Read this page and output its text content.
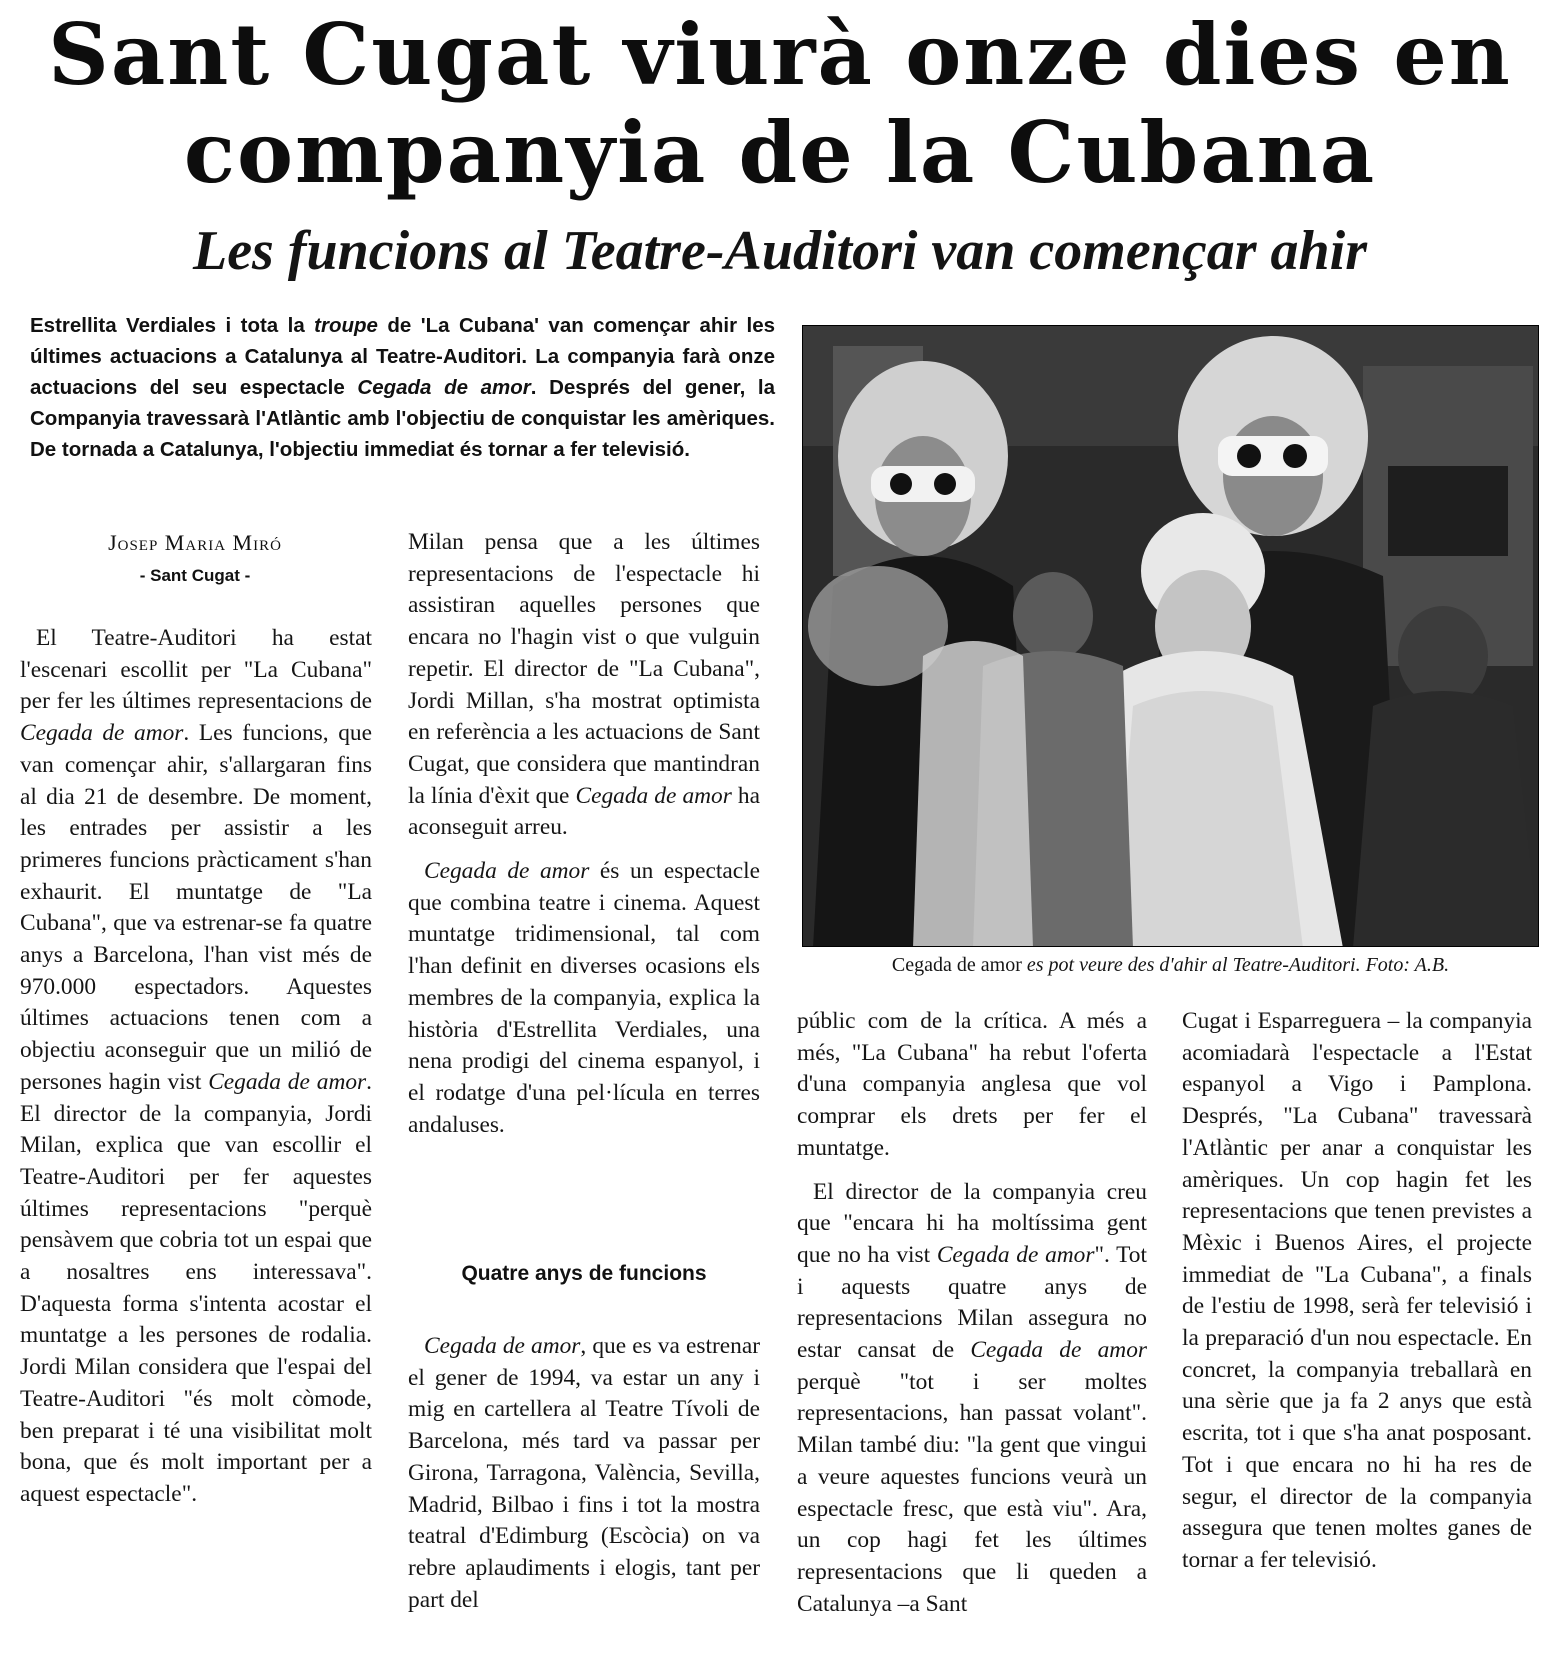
Sant Cugat viurà onze dies en
companyia de la Cubana
Les funcions al Teatre-Auditori van començar ahir

Estrellita Verdiales i tota la troupe de 'La Cubana' van començar ahir les últimes actuacions a Catalunya al Teatre-Auditori. La companyia farà onze actuacions del seu espectacle Cegada de amor. Després del gener, la Companyia travessarà l'Atlàntic amb l'objectiu de conquistar les amèriques. De tornada a Catalunya, l'objectiu immediat és tornar a fer televisió.

Josep Maria Miró
- Sant Cugat -

El Teatre-Auditori ha estat l'escenari escollit per "La Cubana" per fer les últimes representacions de Cegada de amor. Les funcions, que van començar ahir, s'allargaran fins al dia 21 de desembre. De moment, les entrades per assistir a les primeres funcions pràcticament s'han exhaurit. El muntatge de "La Cubana", que va estrenar-se fa quatre anys a Barcelona, l'han vist més de 970.000 espectadors. Aquestes últimes actuacions tenen com a objectiu aconseguir que un milió de persones hagin vist Cegada de amor. El director de la companyia, Jordi Milan, explica que van escollir el Teatre-Auditori per fer aquestes últimes representacions "perquè pensàvem que cobria tot un espai que a nosaltres ens interessava". D'aquesta forma s'intenta acostar el muntatge a les persones de rodalia. Jordi Milan considera que l'espai del Teatre-Auditori "és molt còmode, ben preparat i té una visibilitat molt bona, que és molt important per a aquest espectacle".

Milan pensa que a les últimes representacions de l'espectacle hi assistiran aquelles persones que encara no l'hagin vist o que vulguin repetir. El director de "La Cubana", Jordi Millan, s'ha mostrat optimista en referència a les actuacions de Sant Cugat, que considera que mantindran la línia d'èxit que Cegada de amor ha aconseguit arreu.

Cegada de amor és un espectacle que combina teatre i cinema. Aquest muntatge tridimensional, tal com l'han definit en diverses ocasions els membres de la companyia, explica la història d'Estrellita Verdiales, una nena prodigi del cinema espanyol, i el rodatge d'una pel·lícula en terres andaluses.

Quatre anys de funcions

Cegada de amor, que es va estrenar el gener de 1994, va estar un any i mig en cartellera al Teatre Tívoli de Barcelona, més tard va passar per Girona, Tarragona, València, Sevilla, Madrid, Bilbao i fins i tot la mostra teatral d'Edimburg (Escòcia) on va rebre aplaudiments i elogis, tant per part del

públic com de la crítica. A més a més, "La Cubana" ha rebut l'oferta d'una companyia anglesa que vol comprar els drets per fer el muntatge.

El director de la companyia creu que "encara hi ha moltíssima gent que no ha vist Cegada de amor". Tot i aquests quatre anys de representacions Milan assegura no estar cansat de Cegada de amor perquè "tot i ser moltes representacions, han passat volant". Milan també diu: "la gent que vingui a veure aquestes funcions veurà un espectacle fresc, que està viu". Ara, un cop hagi fet les últimes representacions que li queden a Catalunya –a Sant

Cugat i Esparreguera – la companyia acomiadarà l'espectacle a l'Estat espanyol a Vigo i Pamplona. Després, "La Cubana" travessarà l'Atlàntic per anar a conquistar les amèriques. Un cop hagin fet les representacions que tenen previstes a Mèxic i Buenos Aires, el projecte immediat de "La Cubana", a finals de l'estiu de 1998, serà fer televisió i la preparació d'un nou espectacle. En concret, la companyia treballarà en una sèrie que ja fa 2 anys que està escrita, tot i que s'ha anat posposant. Tot i que encara no hi ha res de segur, el director de la companyia assegura que tenen moltes ganes de tornar a fer televisió.

Cegada de amor es pot veure des d'ahir al Teatre-Auditori. Foto: A.B.
